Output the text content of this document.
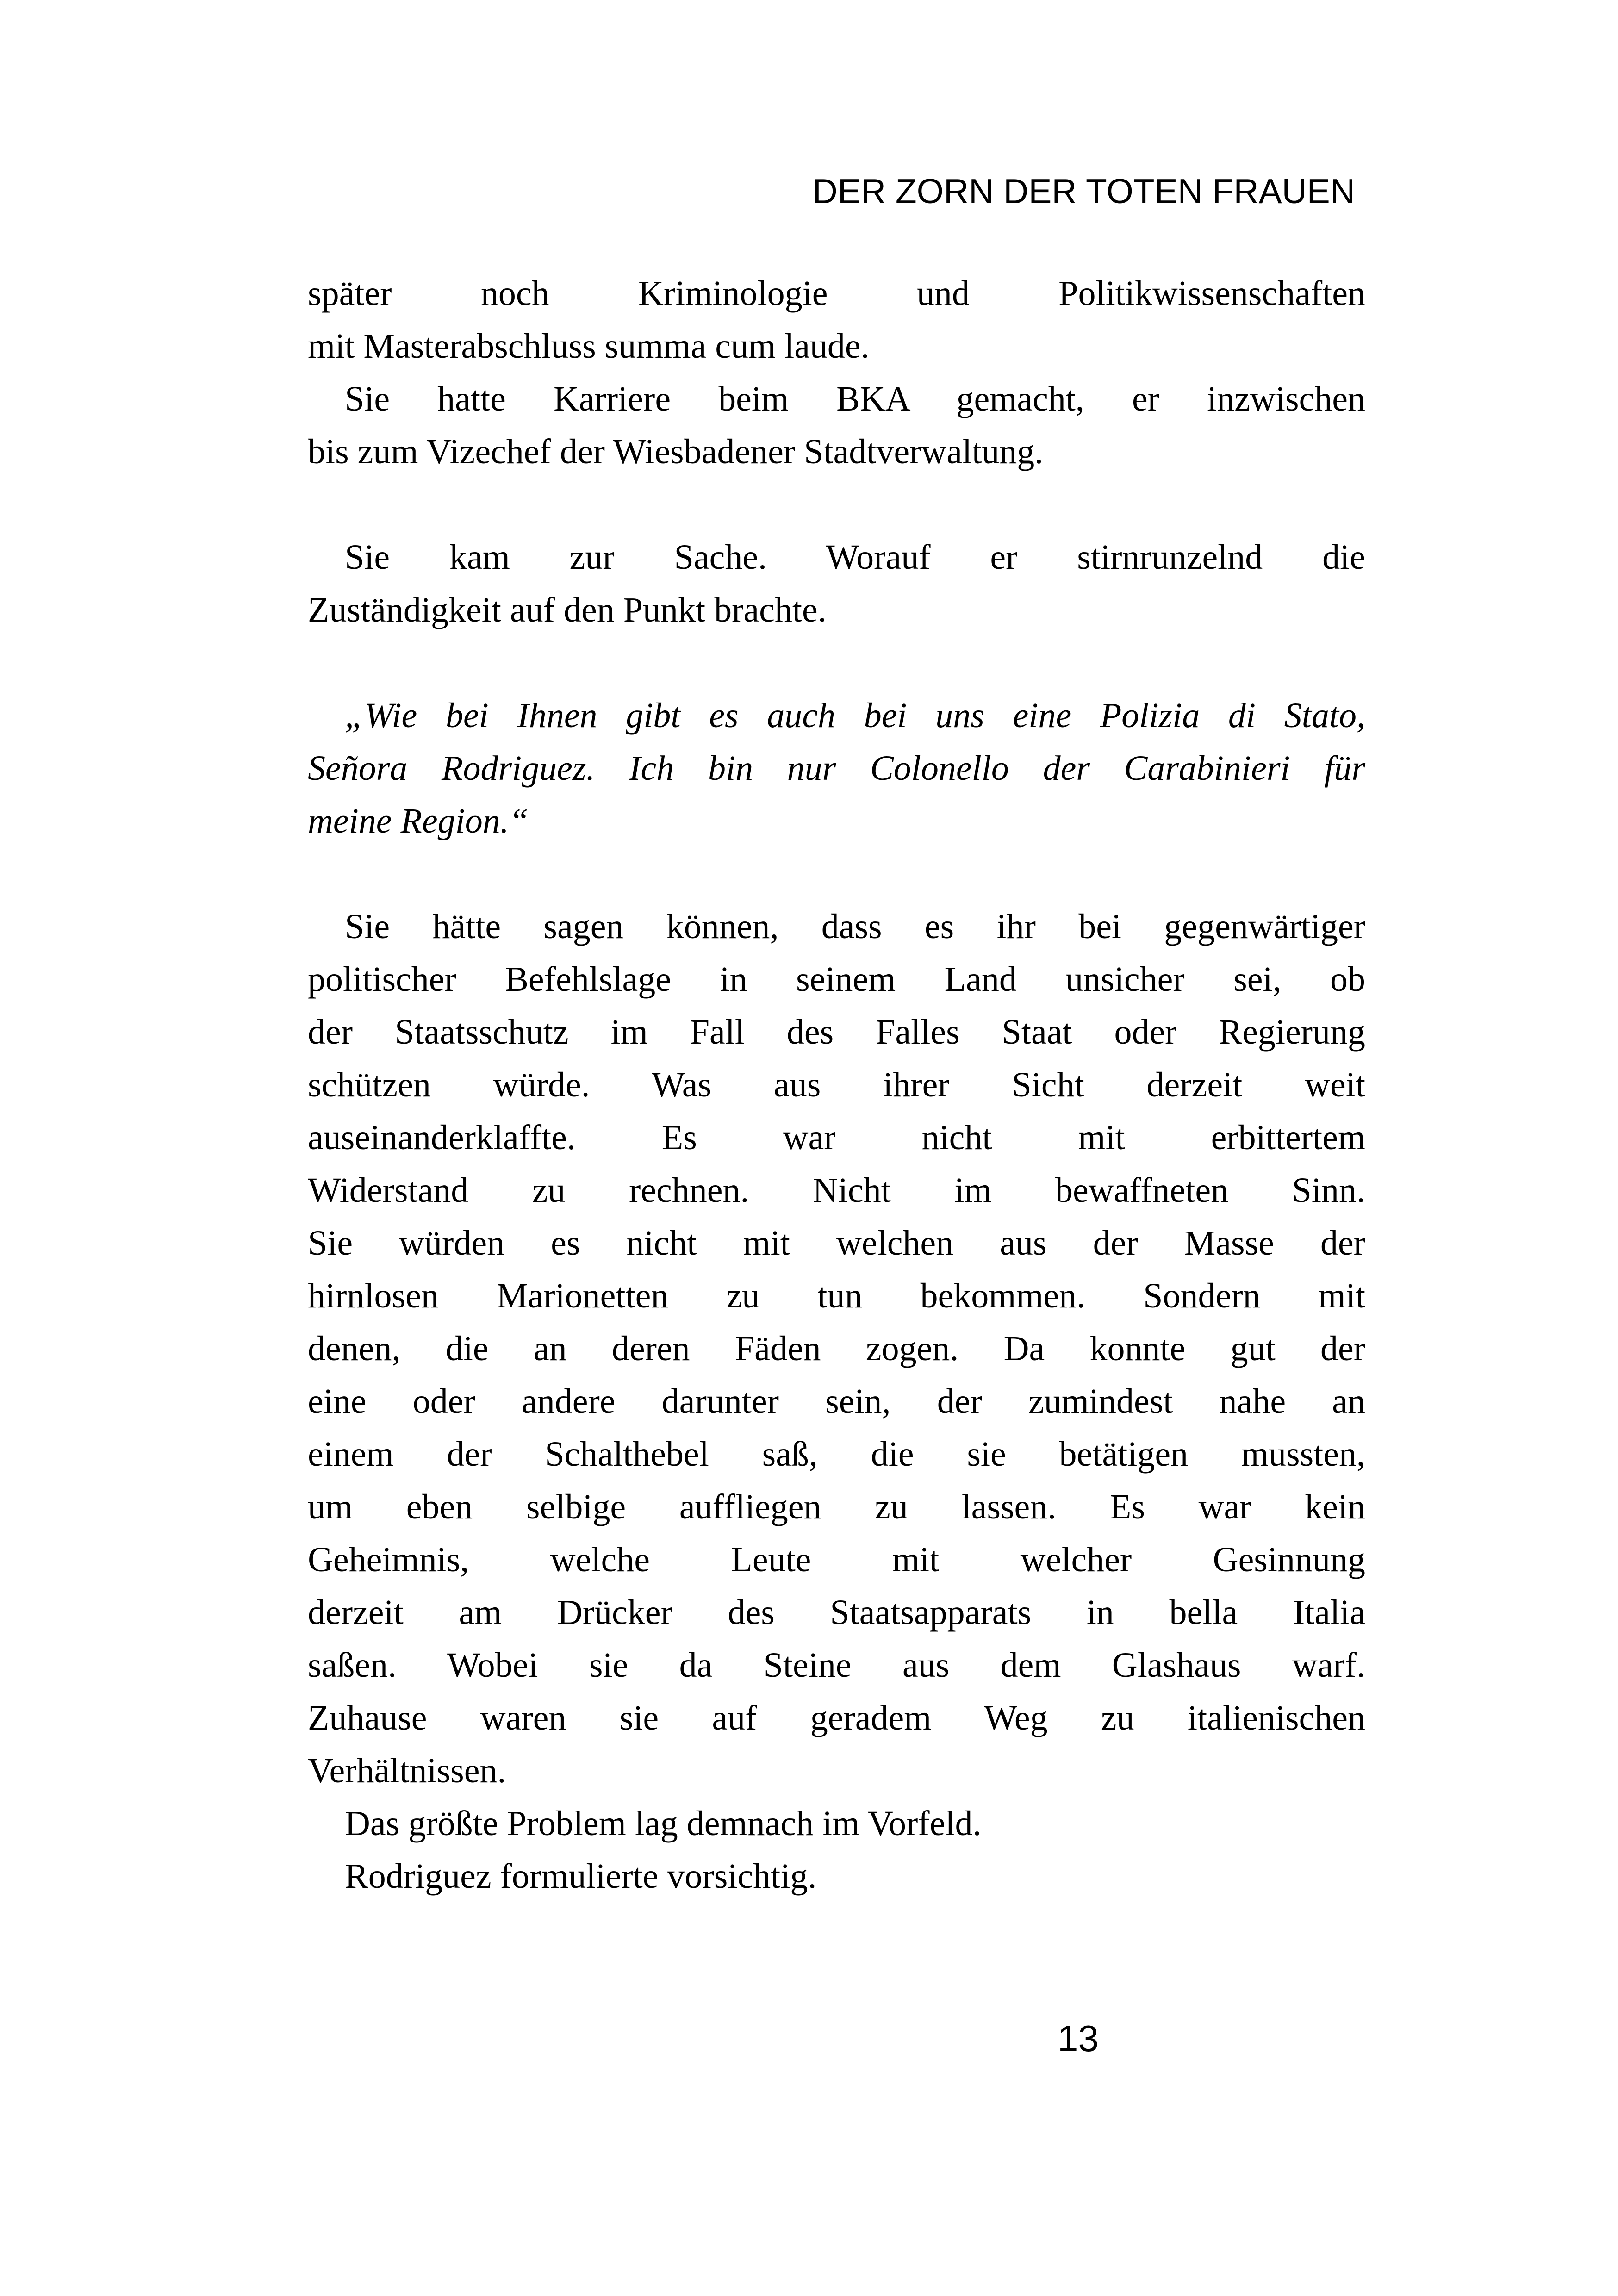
DER ZORN DER TOTEN FRAUEN
später noch Kriminologie und Politikwissenschaften
mit Masterabschluss summa cum laude.
Sie hatte Karriere beim BKA gemacht, er inzwischen
bis zum Vizechef der Wiesbadener Stadtverwaltung.
Sie kam zur Sache. Worauf er stirnrunzelnd die
Zuständigkeit auf den Punkt brachte.
„Wie bei Ihnen gibt es auch bei uns eine Polizia di Stato,
Señora Rodriguez. Ich bin nur Colonello der Carabinieri für
meine Region.“
Sie hätte sagen können, dass es ihr bei gegenwärtiger
politischer Befehlslage in seinem Land unsicher sei, ob
der Staatsschutz im Fall des Falles Staat oder Regierung
schützen würde. Was aus ihrer Sicht derzeit weit
auseinanderklaffte. Es war nicht mit erbittertem
Widerstand zu rechnen. Nicht im bewaffneten Sinn.
Sie würden es nicht mit welchen aus der Masse der
hirnlosen Marionetten zu tun bekommen. Sondern mit
denen, die an deren Fäden zogen. Da konnte gut der
eine oder andere darunter sein, der zumindest nahe an
einem der Schalthebel saß, die sie betätigen mussten,
um eben selbige auffliegen zu lassen. Es war kein
Geheimnis, welche Leute mit welcher Gesinnung
derzeit am Drücker des Staatsapparats in bella Italia
saßen. Wobei sie da Steine aus dem Glashaus warf.
Zuhause waren sie auf geradem Weg zu italienischen
Verhältnissen.
Das größte Problem lag demnach im Vorfeld.
Rodriguez formulierte vorsichtig.
13
